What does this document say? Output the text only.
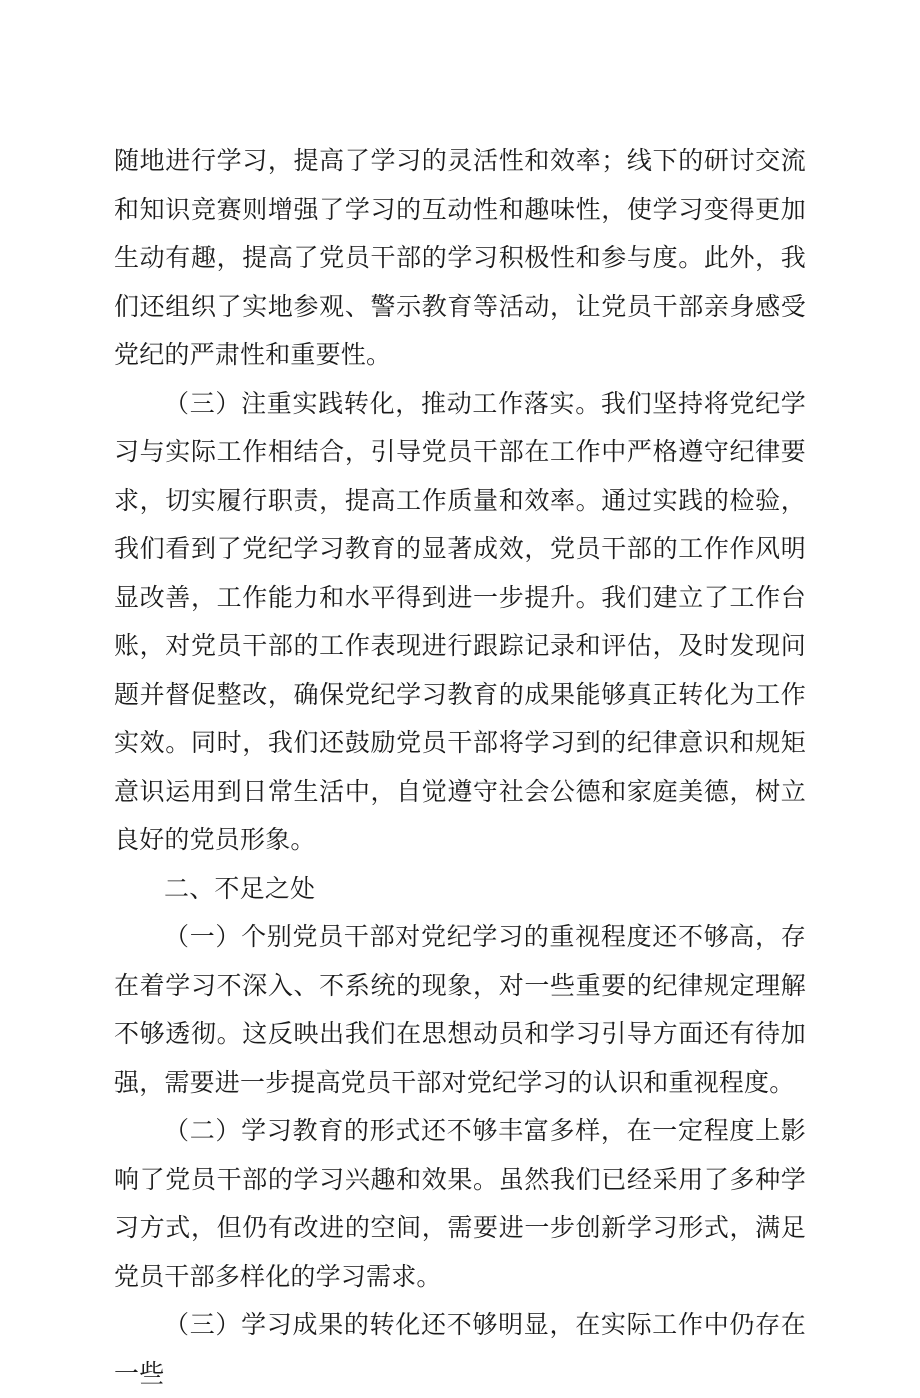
随地进行学习，提高了学习的灵活性和效率；线下的研讨交流和知识竞赛则增强了学习的互动性和趣味性，使学习变得更加生动有趣，提高了党员干部的学习积极性和参与度。此外，我们还组织了实地参观、警示教育等活动，让党员干部亲身感受党纪的严肃性和重要性。

（三）注重实践转化，推动工作落实。我们坚持将党纪学习与实际工作相结合，引导党员干部在工作中严格遵守纪律要求，切实履行职责，提高工作质量和效率。通过实践的检验，我们看到了党纪学习教育的显著成效，党员干部的工作作风明显改善，工作能力和水平得到进一步提升。我们建立了工作台账，对党员干部的工作表现进行跟踪记录和评估，及时发现问题并督促整改，确保党纪学习教育的成果能够真正转化为工作实效。同时，我们还鼓励党员干部将学习到的纪律意识和规矩意识运用到日常生活中，自觉遵守社会公德和家庭美德，树立良好的党员形象。

二、不足之处

（一）个别党员干部对党纪学习的重视程度还不够高，存在着学习不深入、不系统的现象，对一些重要的纪律规定理解不够透彻。这反映出我们在思想动员和学习引导方面还有待加强，需要进一步提高党员干部对党纪学习的认识和重视程度。

（二）学习教育的形式还不够丰富多样，在一定程度上影响了党员干部的学习兴趣和效果。虽然我们已经采用了多种学习方式，但仍有改进的空间，需要进一步创新学习形式，满足党员干部多样化的学习需求。

（三）学习成果的转化还不够明显，在实际工作中仍存在一些
